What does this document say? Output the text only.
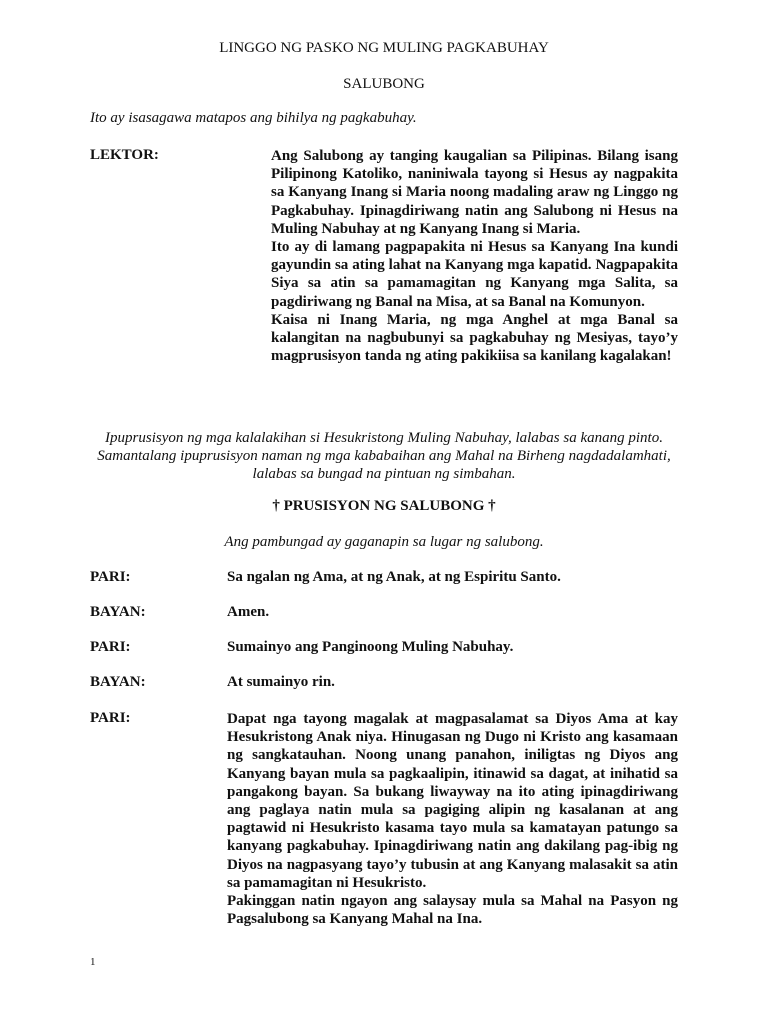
LINGGO NG PASKO NG MULING PAGKABUHAY
SALUBONG
Ito ay isasagawa matapos ang bihilya ng pagkabuhay.
LEKTOR:	Ang Salubong ay tanging kaugalian sa Pilipinas. Bilang isang Pilipinong Katoliko, naniniwala tayong si Hesus ay nagpakita sa Kanyang Inang si Maria noong madaling araw ng Linggo ng Pagkabuhay. Ipinagdiriwang natin ang Salubong ni Hesus na Muling Nabuhay at ng Kanyang Inang si Maria.

Ito ay di lamang pagpapakita ni Hesus sa Kanyang Ina kundi gayundin sa ating lahat na Kanyang mga kapatid. Nagpapakita Siya sa atin sa pamamagitan ng Kanyang mga Salita, sa pagdiriwang ng Banal na Misa, at sa Banal na Komunyon.

Kaisa ni Inang Maria, ng mga Anghel at mga Banal sa kalangitan na nagbubunyi sa pagkabuhay ng Mesiyas, tayo’y magprusisyon tanda ng ating pakikiisa sa kanilang kagalakan!

Ipuprusisyon ng mga kalalakihan si Hesukristong Muling Nabuhay, lalabas sa kanang pinto. Samantalang ipuprusisyon naman ng mga kababaihan ang Mahal na Birheng nagdadalamhati, lalabas sa bungad na pintuan ng simbahan.
† PRUSISYON NG SALUBONG †
Ang pambungad ay gaganapin sa lugar ng salubong.
PARI:	Sa ngalan ng Ama, at ng Anak, at ng Espiritu Santo.
BAYAN:	Amen.
PARI:	Sumainyo ang Panginoong Muling Nabuhay.
BAYAN:	At sumainyo rin.
PARI:	Dapat nga tayong magalak at magpasalamat sa Diyos Ama at kay Hesukristong Anak niya. Hinugasan ng Dugo ni Kristo ang kasamaan ng sangkatauhan. Noong unang panahon, iniligtas ng Diyos ang Kanyang bayan mula sa pagkaalipin, itinawid sa dagat, at inihatid sa pangakong bayan. Sa bukang liwayway na ito ating ipinagdiriwang ang paglaya natin mula sa pagiging alipin ng kasalanan at ang pagtawid ni Hesukristo kasama tayo mula sa kamatayan patungo sa kanyang pagkabuhay. Ipinagdiriwang natin ang dakilang pag-ibig ng Diyos na nagpasyang tayo’y tubusin at ang Kanyang malasakit sa atin sa pamamagitan ni Hesukristo.

Pakinggan natin ngayon ang salaysay mula sa Mahal na Pasyon ng Pagsalubong sa Kanyang Mahal na Ina.

1
